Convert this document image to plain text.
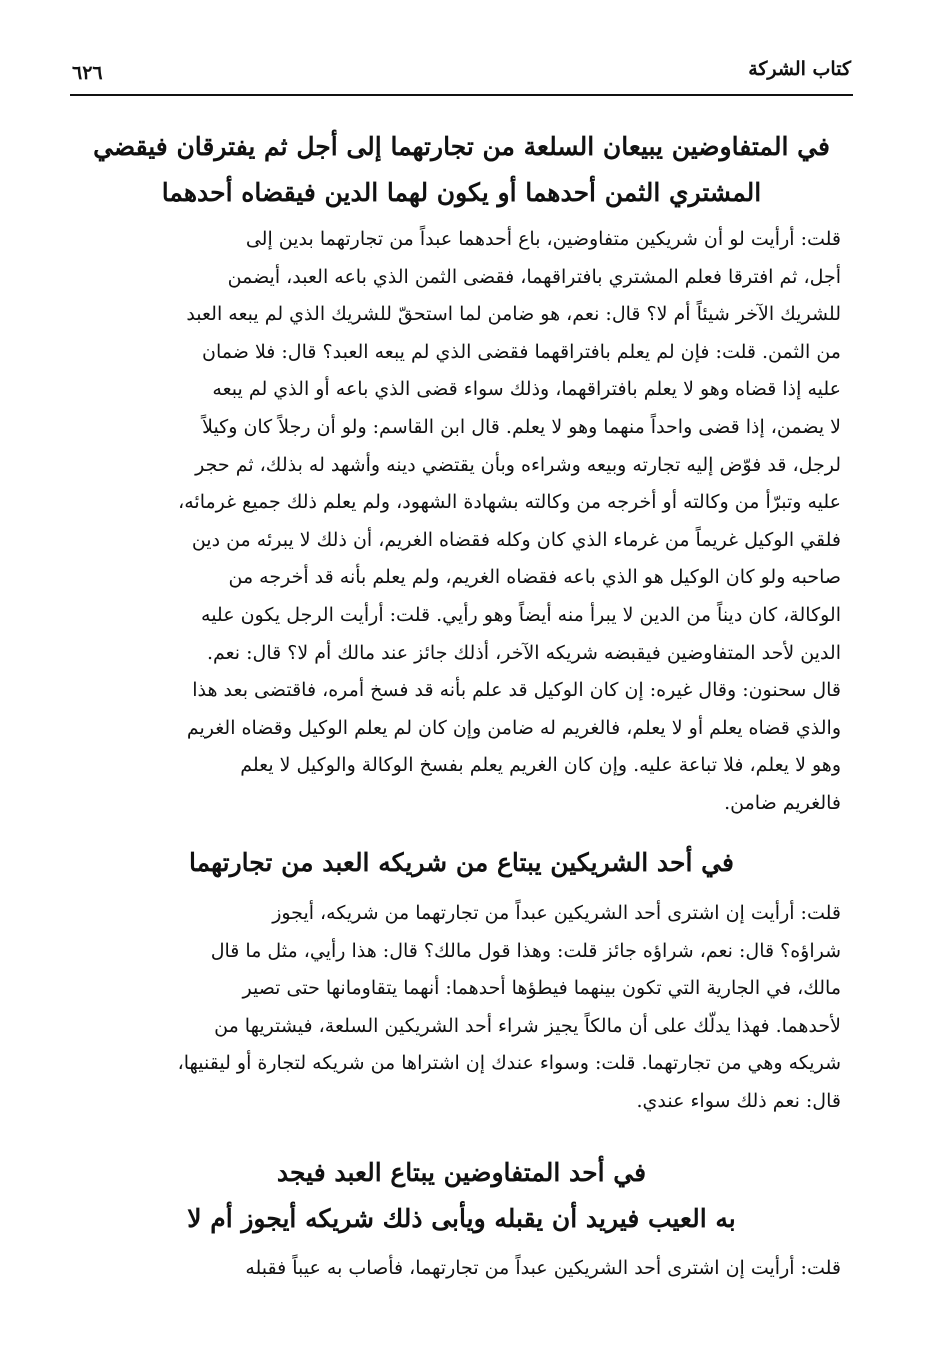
كتاب الشركة
٦٢٦
في المتفاوضين يبيعان السلعة من تجارتهما إلى أجل ثم يفترقان فيقضي
المشتري الثمن أحدهما أو يكون لهما الدين فيقضاه أحدهما
قلت: أرأيت لو أن شريكين متفاوضين، باع أحدهما عبداً من تجارتهما بدين إلى
أجل، ثم افترقا فعلم المشتري بافتراقهما، فقضى الثمن الذي باعه العبد، أيضمن
للشريك الآخر شيئاً أم لا؟ قال: نعم، هو ضامن لما استحقّ للشريك الذي لم يبعه العبد
من الثمن. قلت: فإن لم يعلم بافتراقهما فقضى الذي لم يبعه العبد؟ قال: فلا ضمان
عليه إذا قضاه وهو لا يعلم بافتراقهما، وذلك سواء قضى الذي باعه أو الذي لم يبعه
لا يضمن، إذا قضى واحداً منهما وهو لا يعلم. قال ابن القاسم: ولو أن رجلاً كان وكيلاً
لرجل، قد فوّض إليه تجارته وبيعه وشراءه وبأن يقتضي دينه وأشهد له بذلك، ثم حجر
عليه وتبرّأ من وكالته أو أخرجه من وكالته بشهادة الشهود، ولم يعلم ذلك جميع غرمائه،
فلقي الوكيل غريماً من غرماء الذي كان وكله فقضاه الغريم، أن ذلك لا يبرئه من دين
صاحبه ولو كان الوكيل هو الذي باعه فقضاه الغريم، ولم يعلم بأنه قد أخرجه من
الوكالة، كان ديناً من الدين لا يبرأ منه أيضاً وهو رأيي. قلت: أرأيت الرجل يكون عليه
الدين لأحد المتفاوضين فيقبضه شريكه الآخر، أذلك جائز عند مالك أم لا؟ قال: نعم.
قال سحنون: وقال غيره: إن كان الوكيل قد علم بأنه قد فسخ أمره، فاقتضى بعد هذا
والذي قضاه يعلم أو لا يعلم، فالغريم له ضامن وإن كان لم يعلم الوكيل وقضاه الغريم
وهو لا يعلم، فلا تباعة عليه. وإن كان الغريم يعلم بفسخ الوكالة والوكيل لا يعلم
فالغريم ضامن.
في أحد الشريكين يبتاع من شريكه العبد من تجارتهما
قلت: أرأيت إن اشترى أحد الشريكين عبداً من تجارتهما من شريكه، أيجوز
شراؤه؟ قال: نعم، شراؤه جائز قلت: وهذا قول مالك؟ قال: هذا رأيي، مثل ما قال
مالك، في الجارية التي تكون بينهما فيطؤها أحدهما: أنهما يتقاومانها حتى تصير
لأحدهما. فهذا يدلّك على أن مالكاً يجيز شراء أحد الشريكين السلعة، فيشتريها من
شريكه وهي من تجارتهما. قلت: وسواء عندك إن اشتراها من شريكه لتجارة أو ليقنيها،
قال: نعم ذلك سواء عندي.
في أحد المتفاوضين يبتاع العبد فيجد
به العيب فيريد أن يقبله ويأبى ذلك شريكه أيجوز أم لا
قلت: أرأيت إن اشترى أحد الشريكين عبداً من تجارتهما، فأصاب به عيباً فقبله
